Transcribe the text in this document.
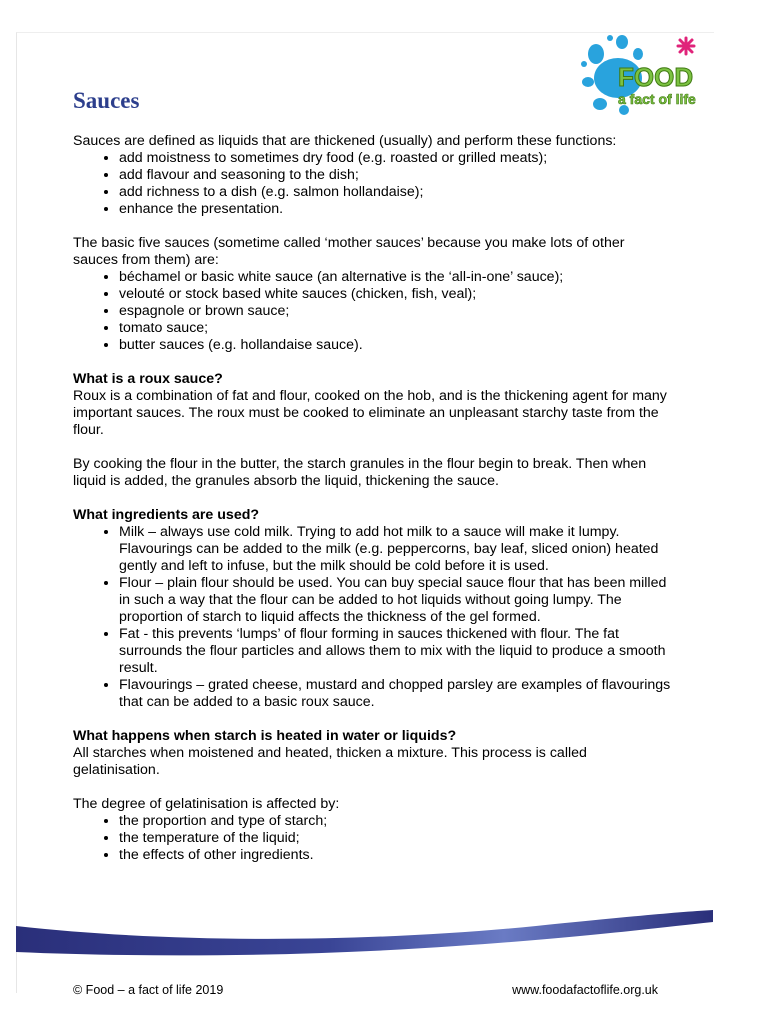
FOOD
a fact of life
Sauces

Sauces are defined as liquids that are thickened (usually) and perform these functions:

• add moistness to sometimes dry food (e.g. roasted or grilled meats);
• add flavour and seasoning to the dish;
• add richness to a dish (e.g. salmon hollandaise);
• enhance the presentation.

The basic five sauces (sometime called ‘mother sauces’ because you make lots of other sauces from them) are:

• béchamel or basic white sauce (an alternative is the ‘all-in-one’ sauce);
• velouté or stock based white sauces (chicken, fish, veal);
• espagnole or brown sauce;
• tomato sauce;
• butter sauces (e.g. hollandaise sauce).

What is a roux sauce?

Roux is a combination of fat and flour, cooked on the hob, and is the thickening agent for many important sauces. The roux must be cooked to eliminate an unpleasant starchy taste from the flour.

By cooking the flour in the butter, the starch granules in the flour begin to break. Then when liquid is added, the granules absorb the liquid, thickening the sauce.

What ingredients are used?

• Milk – always use cold milk. Trying to add hot milk to a sauce will make it lumpy. Flavourings can be added to the milk (e.g. peppercorns, bay leaf, sliced onion) heated gently and left to infuse, but the milk should be cold before it is used.
• Flour – plain flour should be used. You can buy special sauce flour that has been milled in such a way that the flour can be added to hot liquids without going lumpy. The proportion of starch to liquid affects the thickness of the gel formed.
• Fat - this prevents ‘lumps’ of flour forming in sauces thickened with flour. The fat surrounds the flour particles and allows them to mix with the liquid to produce a smooth result.
• Flavourings – grated cheese, mustard and chopped parsley are examples of flavourings that can be added to a basic roux sauce.

What happens when starch is heated in water or liquids?

All starches when moistened and heated, thicken a mixture. This process is called gelatinisation.

The degree of gelatinisation is affected by:

• the proportion and type of starch;
• the temperature of the liquid;
• the effects of other ingredients.
© Food – a fact of life 2019	www.foodafactoflife.org.uk
